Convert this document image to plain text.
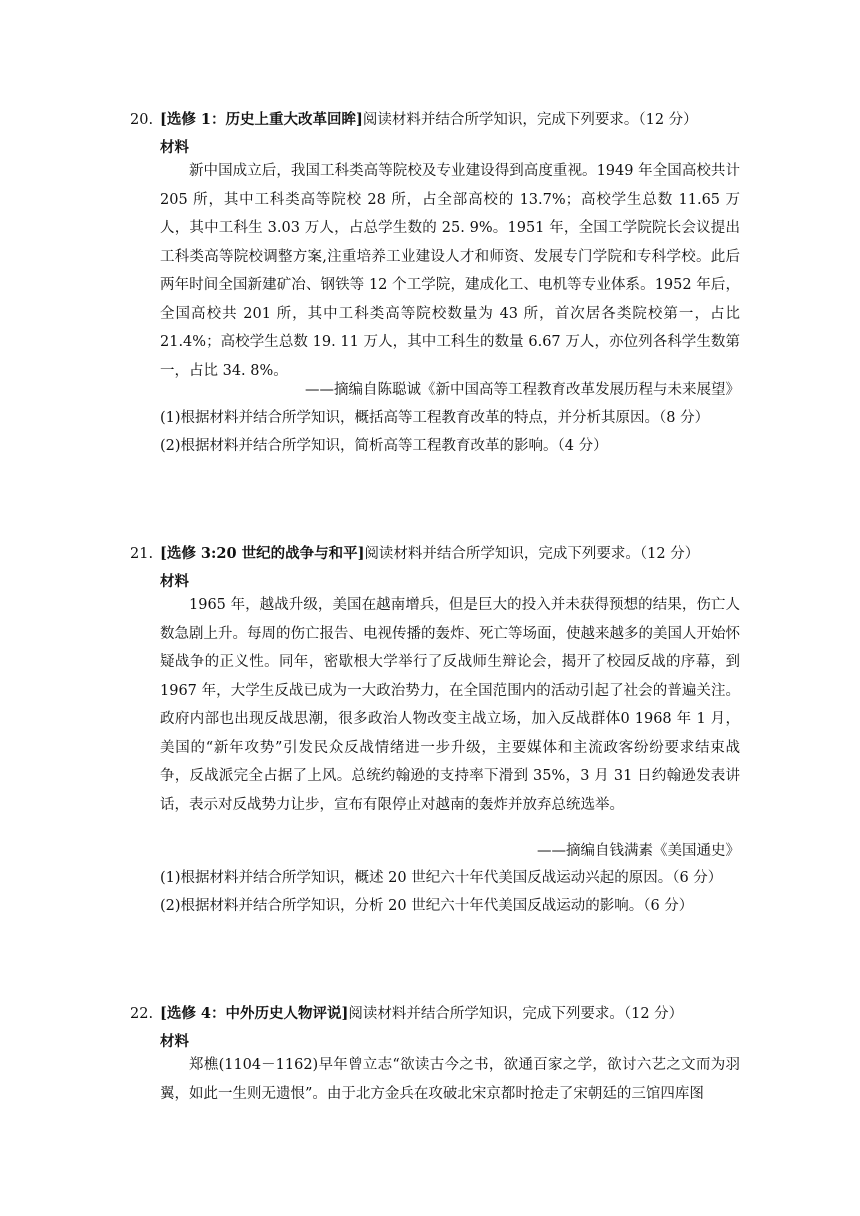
20. [选修 1：历史上重大改革回眸]阅读材料并结合所学知识，完成下列要求。（12 分）
材料

新中国成立后，我国工科类高等院校及专业建设得到高度重视。1949 年全国高校共计 205 所，其中工科类高等院校 28 所，占全部高校的 13.7%；高校学生总数 11.65 万人，其中工科生 3.03 万人，占总学生数的 25. 9%。1951 年，全国工学院院长会议提出工科类高等院校调整方案,注重培养工业建设人才和师资、发展专门学院和专科学校。此后两年时间全国新建矿冶、钢铁等 12 个工学院，建成化工、电机等专业体系。1952 年后，全国高校共 201 所，其中工科类高等院校数量为 43 所，首次居各类院校第一，占比 21.4%；高校学生总数 19. 11 万人，其中工科生的数量 6.67 万人，亦位列各科学生数第一，占比 34. 8%。

——摘编自陈聪诚《新中国高等工程教育改革发展历程与未来展望》
(1)根据材料并结合所学知识，概括高等工程教育改革的特点，并分析其原因。（8 分）
(2)根据材料并结合所学知识，简析高等工程教育改革的影响。（4 分）
21. [选修 3:20 世纪的战争与和平]阅读材料并结合所学知识，完成下列要求。（12 分）
材料

1965 年，越战升级，美国在越南增兵，但是巨大的投入并未获得预想的结果，伤亡人数急剧上升。每周的伤亡报告、电视传播的轰炸、死亡等场面，使越来越多的美国人开始怀疑战争的正义性。同年，密歇根大学举行了反战师生辩论会，揭开了校园反战的序幕，到 1967 年，大学生反战已成为一大政治势力，在全国范围内的活动引起了社会的普遍关注。政府内部也出现反战思潮，很多政治人物改变主战立场，加入反战群体0 1968 年 1 月，美国的“新年攻势”引发民众反战情绪进一步升级，主要媒体和主流政客纷纷要求结束战争，反战派完全占据了上风。总统约翰逊的支持率下滑到 35%，3 月 31 日约翰逊发表讲话，表示对反战势力让步，宣布有限停止对越南的轰炸并放弃总统选举。

——摘编自钱满素《美国通史》
(1)根据材料并结合所学知识，概述 20 世纪六十年代美国反战运动兴起的原因。（6 分）
(2)根据材料并结合所学知识，分析 20 世纪六十年代美国反战运动的影响。（6 分）
22. [选修 4：中外历史人物评说]阅读材料并结合所学知识，完成下列要求。（12 分）
材料

郑樵(1104－1162)早年曾立志“欲读古今之书，欲通百家之学，欲讨六艺之文而为羽翼，如此一生则无遗恨”。由于北方金兵在攻破北宋京都时抢走了宋朝廷的三馆四库图
